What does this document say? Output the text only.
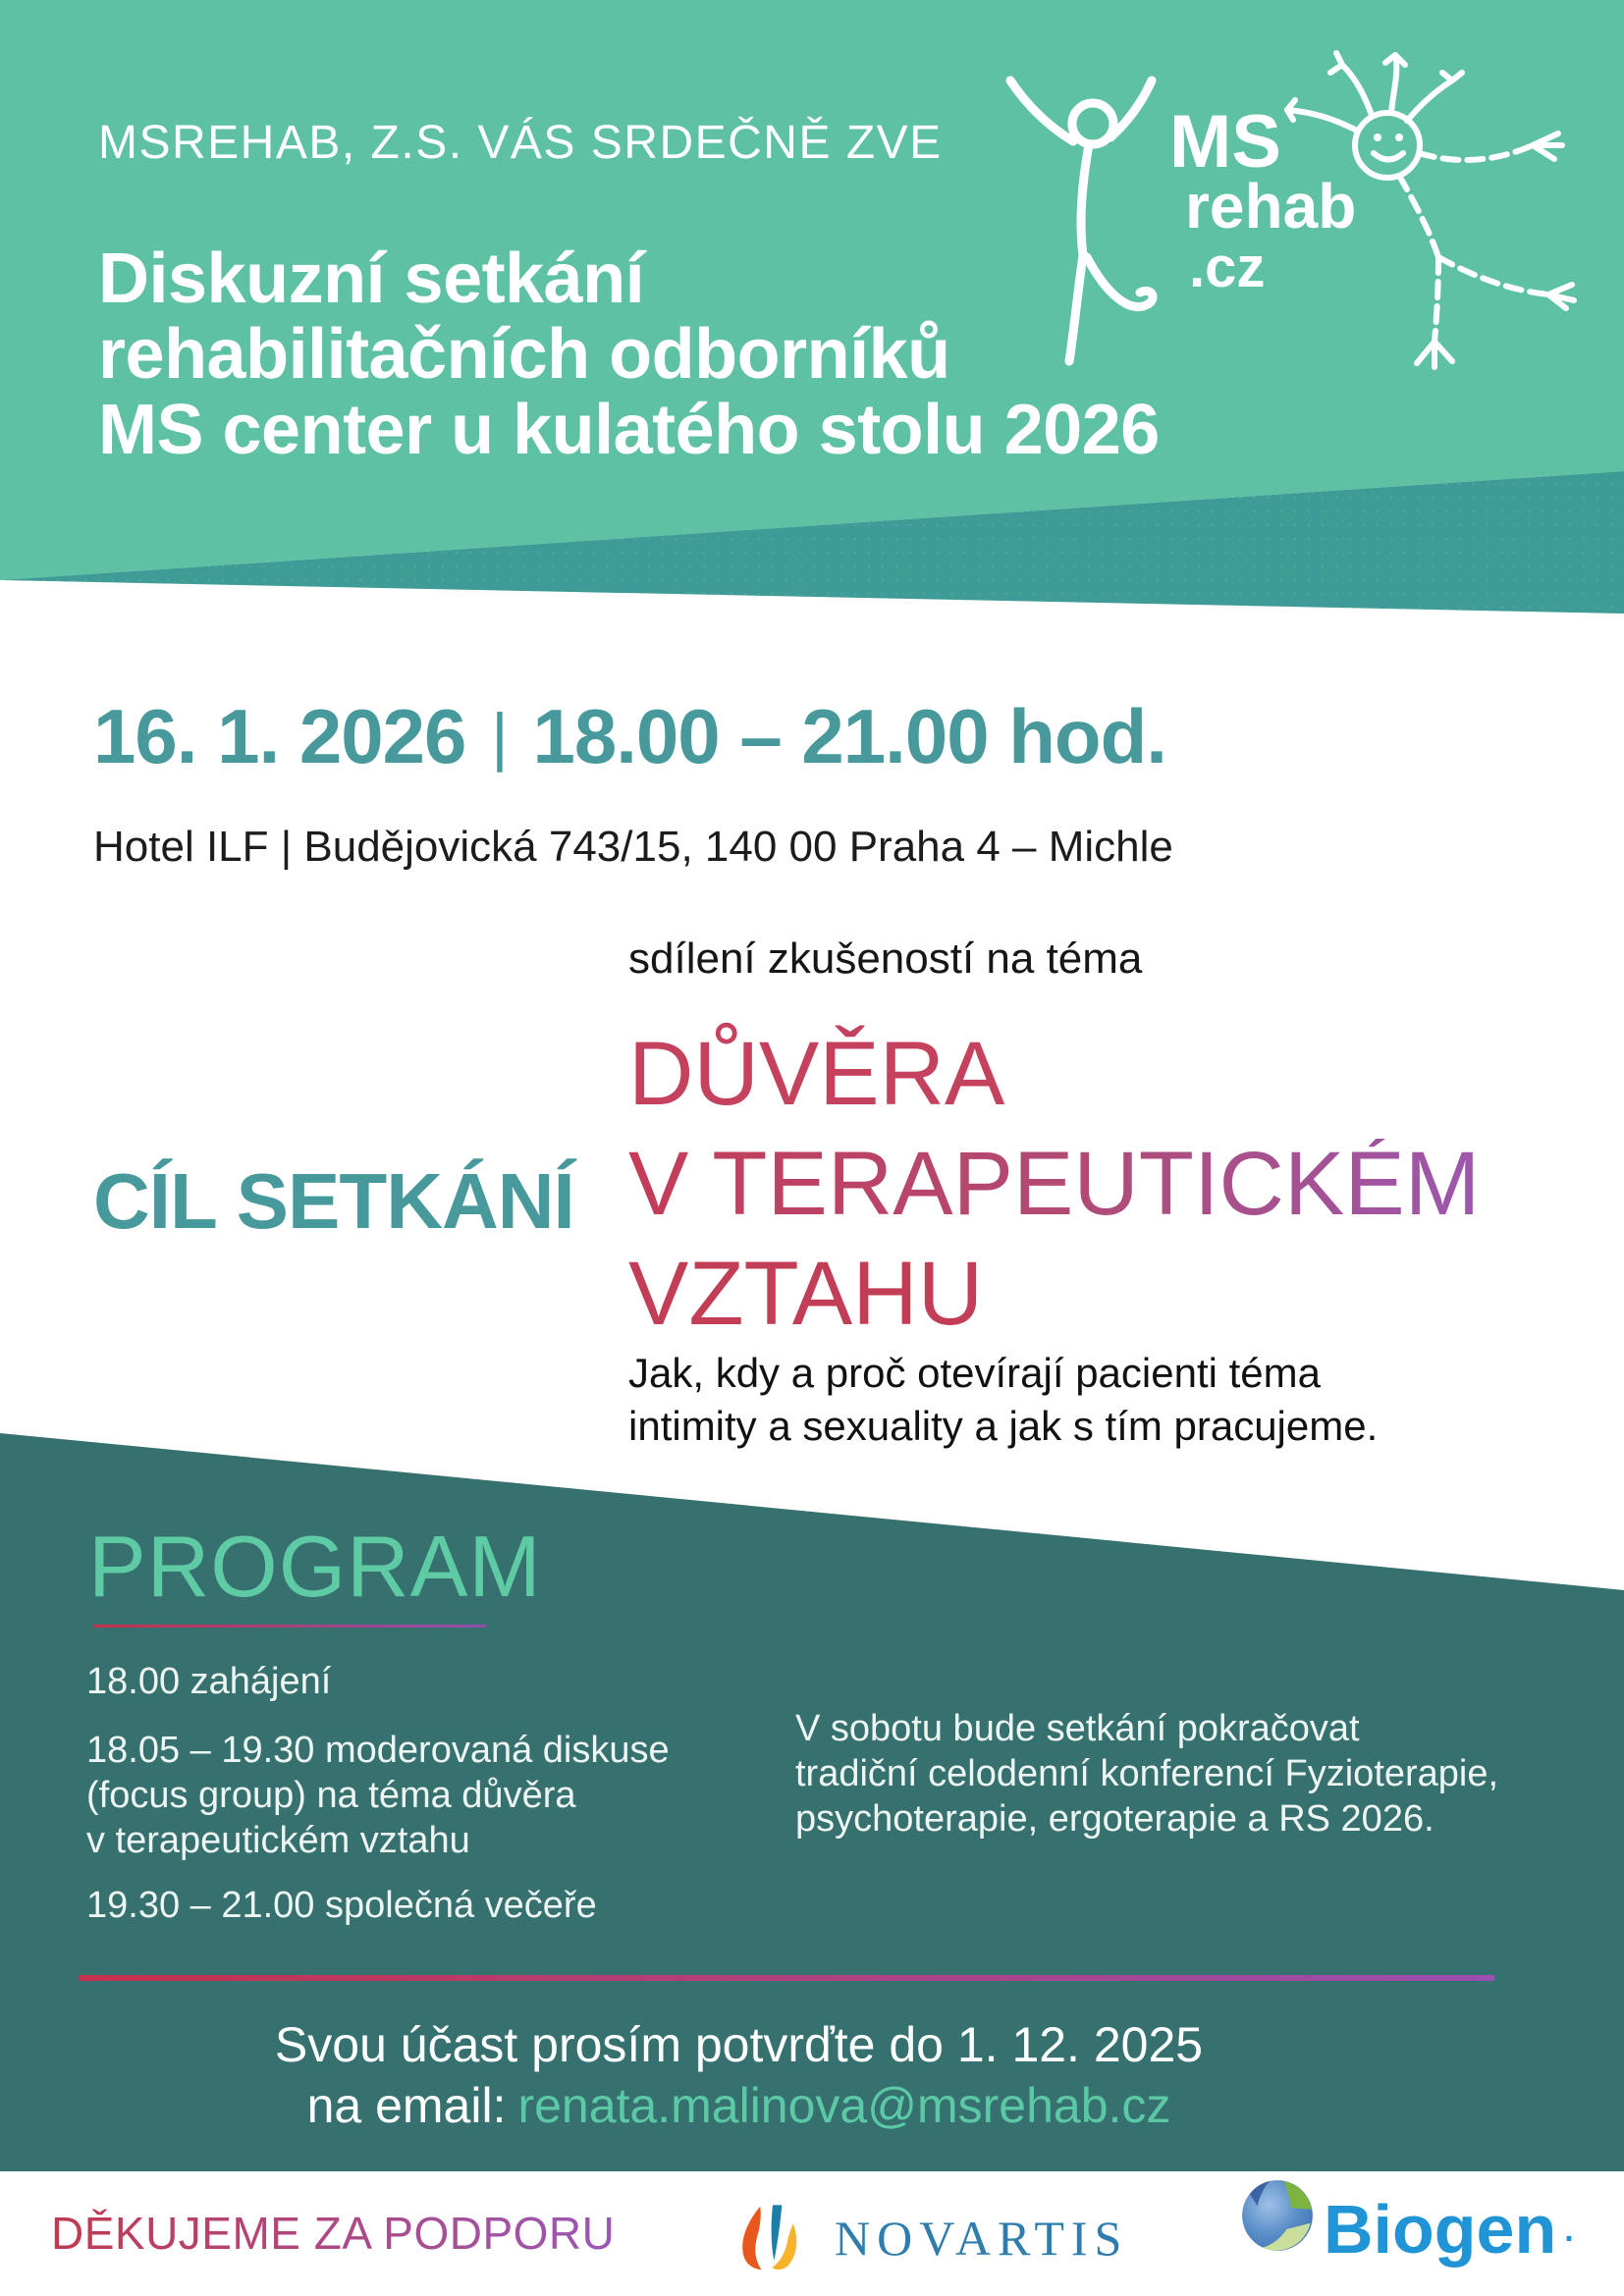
MSREHAB, Z.S. VÁS SRDEČNĚ ZVE
Diskuzní setkání
rehabilitačních odborníků
MS center u kulatého stolu 2026
MS
rehab
.cz
16. 1. 2026 | 18.00 – 21.00 hod.
Hotel ILF | Budějovická 743/15, 140 00 Praha 4 – Michle
sdílení zkušeností na téma
DŮVĚRA
V TERAPEUTICKÉM
VZTAHU
CÍL SETKÁNÍ
Jak, kdy a proč otevírají pacienti téma
intimity a sexuality a jak s tím pracujeme.
PROGRAM
18.00 zahájení
18.05 – 19.30 moderovaná diskuse
(focus group) na téma důvěra
v terapeutickém vztahu
19.30 – 21.00 společná večeře
V sobotu bude setkání pokračovat
tradiční celodenní konferencí Fyzioterapie,
psychoterapie, ergoterapie a RS 2026.
Svou účast prosím potvrďte do 1. 12. 2025
na email: renata.malinova@msrehab.cz
DĚKUJEME ZA PODPORU	NOVARTIS	Biogen .
